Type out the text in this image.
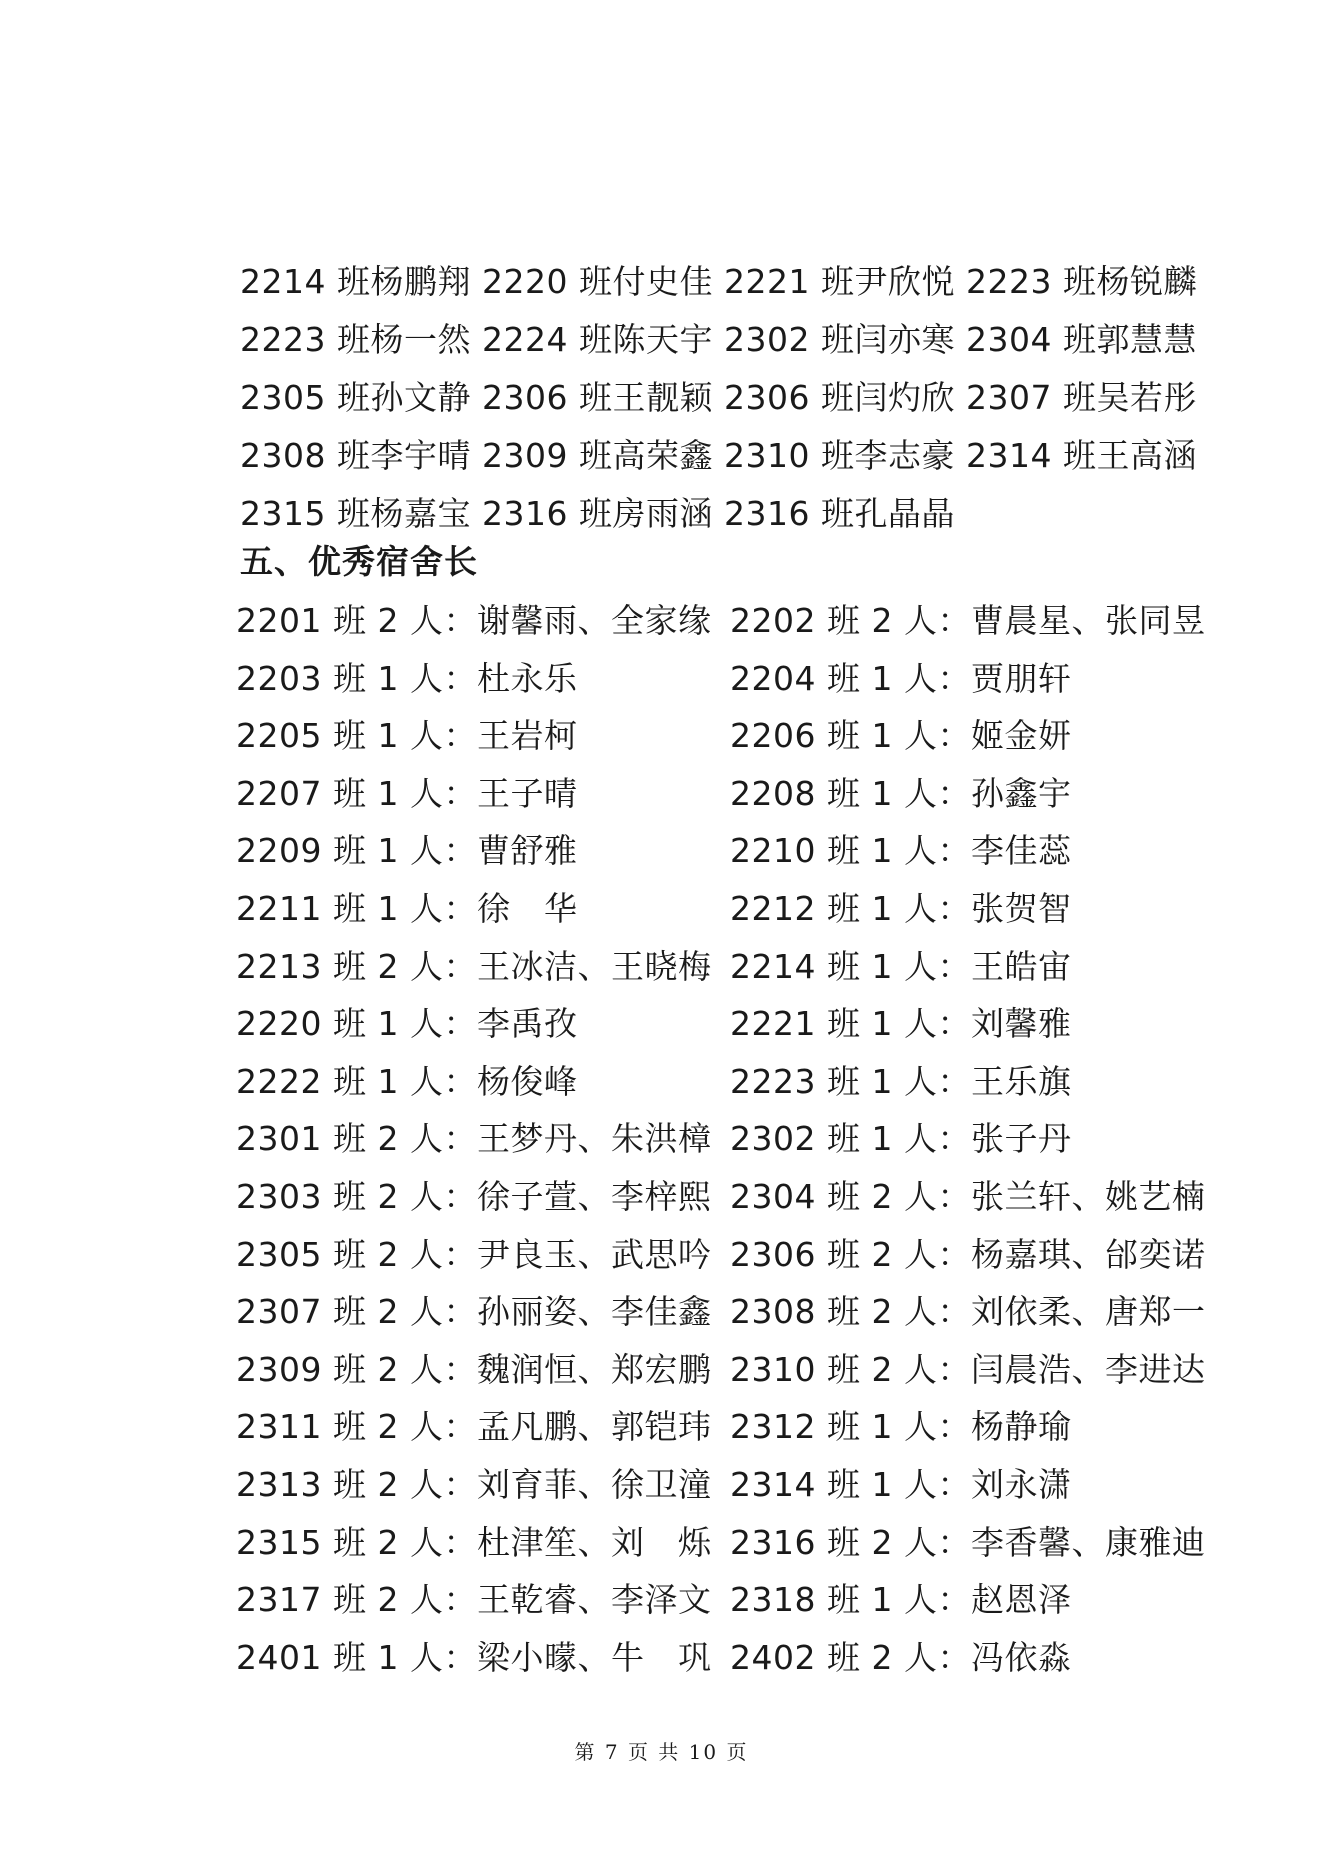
2214 班杨鹏翔 2220 班付史佳 2221 班尹欣悦 2223 班杨锐麟
2223 班杨一然 2224 班陈天宇 2302 班闫亦寒 2304 班郭慧慧
2305 班孙文静 2306 班王靓颖 2306 班闫灼欣 2307 班吴若彤
2308 班李宇晴 2309 班高荣鑫 2310 班李志豪 2314 班王高涵
2315 班杨嘉宝 2316 班房雨涵 2316 班孔晶晶
五、优秀宿舍长
2201 班 2 人：谢馨雨、全家缘 2202 班 2 人：曹晨星、张同昱
2203 班 1 人：杜永乐	2204 班 1 人：贾朋轩
2205 班 1 人：王岩柯	2206 班 1 人：姬金妍
2207 班 1 人：王子晴	2208 班 1 人：孙鑫宇
2209 班 1 人：曹舒雅	2210 班 1 人：李佳蕊
2211 班 1 人：徐　华	2212 班 1 人：张贺智
2213 班 2 人：王冰洁、王晓梅 2214 班 1 人：王皓宙
2220 班 1 人：李禹孜	2221 班 1 人：刘馨雅
2222 班 1 人：杨俊峰	2223 班 1 人：王乐旗
2301 班 2 人：王梦丹、朱洪樟 2302 班 1 人：张子丹
2303 班 2 人：徐子萱、李梓熙 2304 班 2 人：张兰轩、姚艺楠
2305 班 2 人：尹良玉、武思吟 2306 班 2 人：杨嘉琪、邰奕诺
2307 班 2 人：孙丽姿、李佳鑫 2308 班 2 人：刘依柔、唐郑一
2309 班 2 人：魏润恒、郑宏鹏 2310 班 2 人：闫晨浩、李进达
2311 班 2 人：孟凡鹏、郭铠玮 2312 班 1 人：杨静瑜
2313 班 2 人：刘育菲、徐卫潼 2314 班 1 人：刘永潇
2315 班 2 人：杜津笙、刘　烁 2316 班 2 人：李香馨、康雅迪
2317 班 2 人：王乾睿、李泽文 2318 班 1 人：赵恩泽
2401 班 1 人：梁小曚、牛　巩 2402 班 2 人：冯依淼
第 7 页 共 10 页
